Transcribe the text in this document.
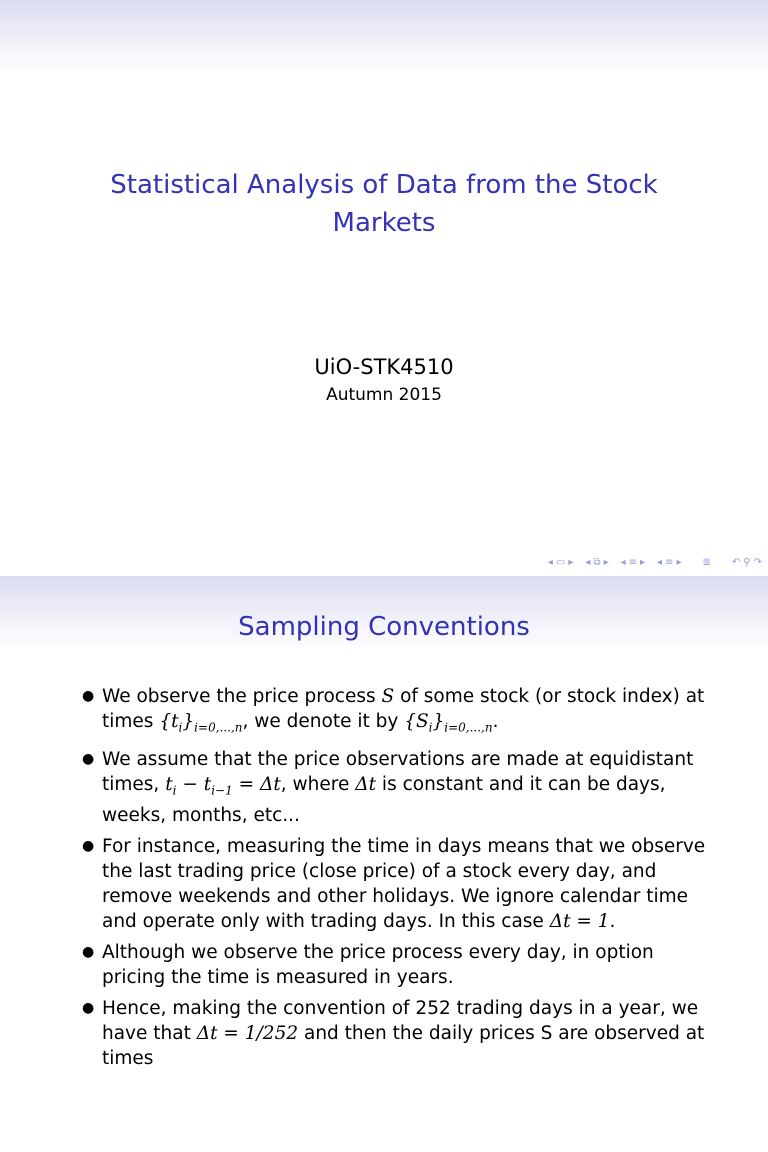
Statistical Analysis of Data from the Stock Markets
UiO-STK4510
Autumn 2015
◂ ▭ ▸ ◂ ⧉ ▸ ◂ ≡ ▸ ◂ ≡ ▸ ≣ ↶ ⚲ ↷
Sampling Conventions
● We observe the price process S of some stock (or stock index) at times $\{t_i\}_{i=0,...,n}$, we denote it by $\{S_i\}_{i=0,...,n}$.
● We assume that the price observations are made at equidistant times, $t_i - t_{i-1} = \Delta t$, where Δt is constant and it can be days, weeks, months, etc...
● For instance, measuring the time in days means that we observe the last trading price (close price) of a stock every day, and remove weekends and other holidays. We ignore calendar time and operate only with trading days. In this case Δt = 1.
● Although we observe the price process every day, in option pricing the time is measured in years.
● Hence, making the convention of 252 trading days in a year, we have that Δt = 1/252 and then the daily prices S are observed at times
